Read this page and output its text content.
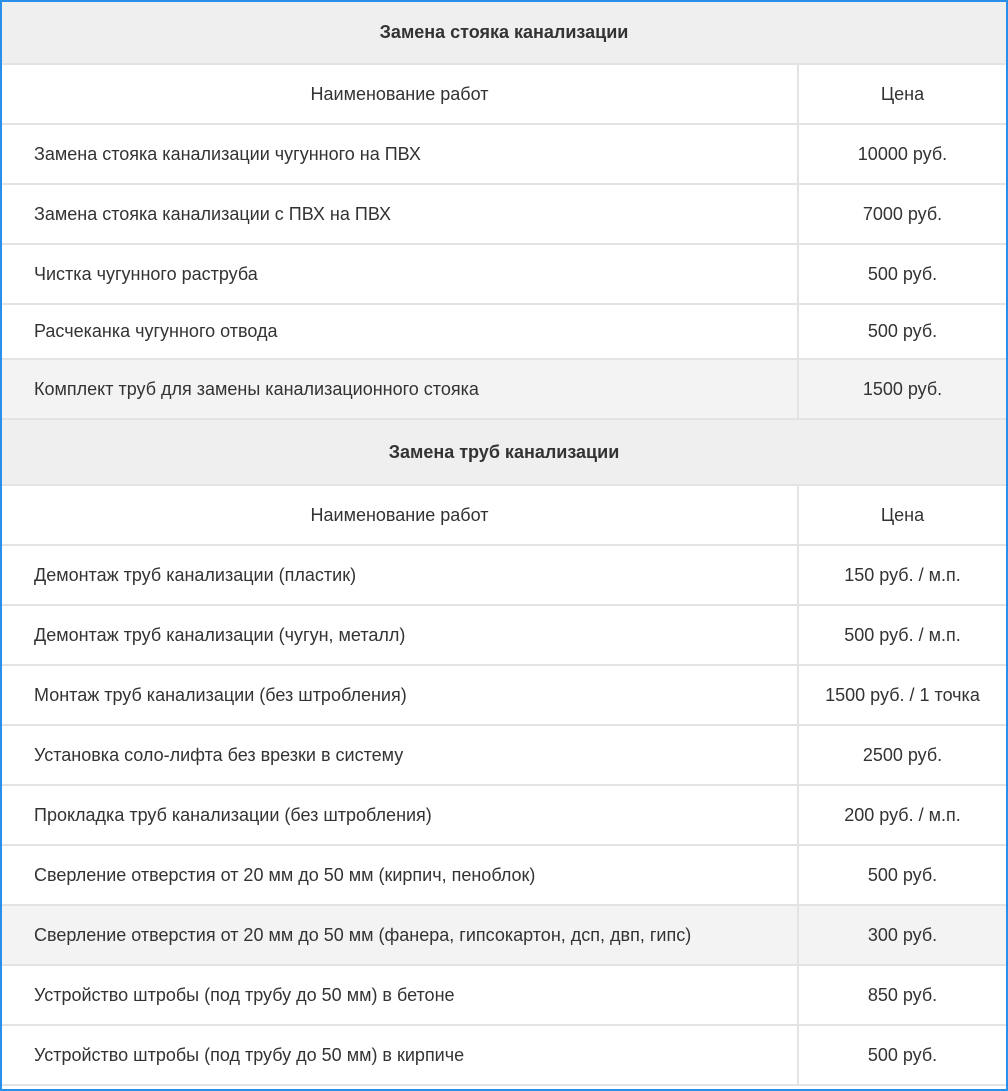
Замена стояка канализации	
Наименование работ	Цена
Замена стояка канализации чугунного на ПВХ	10000 руб.
Замена стояка канализации с ПВХ на ПВХ	7000 руб.
Чистка чугунного раструба	500 руб.
Расчеканка чугунного отвода	500 руб.
Комплект труб для замены канализационного стояка	1500 руб.
Замена труб канализации	
Наименование работ	Цена
Демонтаж труб канализации (пластик)	150 руб. / м.п.
Демонтаж труб канализации (чугун, металл)	500 руб. / м.п.
Монтаж труб канализации (без штробления)	1500 руб. / 1 точка
Установка соло-лифта без врезки в систему	2500 руб.
Прокладка труб канализации (без штробления)	200 руб. / м.п.
Сверление отверстия от 20 мм до 50 мм (кирпич, пеноблок)	500 руб.
Сверление отверстия от 20 мм до 50 мм (фанера, гипсокартон, дсп, двп, гипс)	300 руб.
Устройство штробы (под трубу до 50 мм) в бетоне	850 руб.
Устройство штробы (под трубу до 50 мм) в кирпиче	500 руб.
